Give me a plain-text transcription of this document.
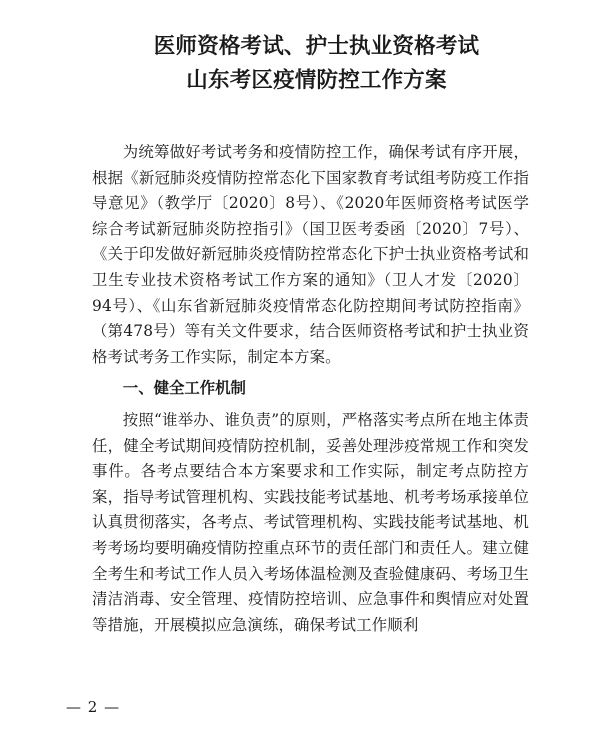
医师资格考试、护士执业资格考试
山东考区疫情防控工作方案

为统筹做好考试考务和疫情防控工作，确保考试有序开展，根据《新冠肺炎疫情防控常态化下国家教育考试组考防疫工作指导意见》（教学厅〔2020〕8号）、《2020年医师资格考试医学综合考试新冠肺炎防控指引》（国卫医考委函〔2020〕7号）、《关于印发做好新冠肺炎疫情防控常态化下护士执业资格考试和卫生专业技术资格考试工作方案的通知》（卫人才发〔2020〕94号）、《山东省新冠肺炎疫情常态化防控期间考试防控指南》（第478号）等有关文件要求，结合医师资格考试和护士执业资格考试考务工作实际，制定本方案。

一、健全工作机制

按照“谁举办、谁负责”的原则，严格落实考点所在地主体责任，健全考试期间疫情防控机制，妥善处理涉疫常规工作和突发事件。各考点要结合本方案要求和工作实际，制定考点防控方案，指导考试管理机构、实践技能考试基地、机考考场承接单位认真贯彻落实，各考点、考试管理机构、实践技能考试基地、机考考场均要明确疫情防控重点环节的责任部门和责任人。建立健全考生和考试工作人员入考场体温检测及查验健康码、考场卫生清洁消毒、安全管理、疫情防控培训、应急事件和舆情应对处置等措施，开展模拟应急演练，确保考试工作顺利

— 2 —
